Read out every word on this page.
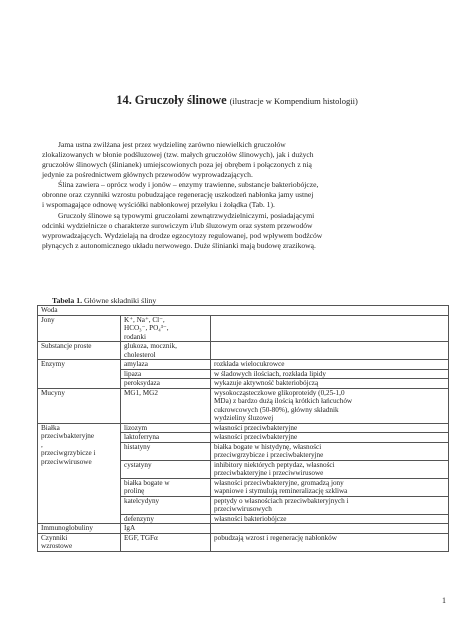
14. Gruczoły ślinowe (ilustracje w Kompendium histologii)

Jama ustna zwilżana jest przez wydzielinę zarówno niewielkich gruczołów
zlokalizowanych w błonie podśluzowej (tzw. małych gruczołów ślinowych), jak i dużych
gruczołów ślinowych (ślinianek) umiejscowionych poza jej obrębem i połączonych z nią
jedynie za pośrednictwem głównych przewodów wyprowadzających.

Ślina zawiera – oprócz wody i jonów – enzymy trawienne, substancje bakteriobójcze,
obronne oraz czynniki wzrostu pobudzające regenerację uszkodzeń nabłonka jamy ustnej
i wspomagające odnowę wyściółki nabłonkowej przełyku i żołądka (Tab. 1).

Gruczoły ślinowe są typowymi gruczołami zewnątrzwydzielniczymi, posiadającymi
odcinki wydzielnicze o charakterze surowiczym i/lub śluzowym oraz system przewodów
wyprowadzających. Wydzielają na drodze egzocytozy regulowanej, pod wpływem bodźców
płynących z autonomicznego układu nerwowego. Duże ślinianki mają budowę zrazikową.

Tabela 1. Główne składniki śliny
Woda		
Jony	K⁺, Na⁺, Cl⁻,
HCO₃⁻, PO₄³⁻,
rodanki	

Substancje proste	glukoza, mocznik,
cholesterol	

Enzymy	amylaza	rozkłada wielocukrowce
	lipaza	w śladowych ilościach, rozkłada lipidy
	peroksydaza	wykazuje aktywność bakteriobójczą
Mucyny	MG1, MG2	wysokocząsteczkowe glikoproteidy (0,25-1,0
MDa) z bardzo dużą ilością krótkich łańcuchów
cukrowcowych (50-80%), główny składnik
wydzieliny śluzowej

Białka
przeciwbakteryjne
,
przeciwgrzybicze i
przeciwwirusowe	lizozym	własności przeciwbakteryjne
	laktoferryna	własności przeciwbakteryjne
	histatyny	białka bogate w histydynę, własności
przeciwgrzybicze i przeciwbakteryjne

	cystatyny	inhibitory niektórych peptydaz, własności
przeciwbakteryjne i przeciwwirusowe

	białka bogate w
prolinę	własności przeciwbakteryjne, gromadzą jony
wapniowe i stymulują remineralizację szkliwa

	katelcydyny	peptydy o własnościach przeciwbakteryjnych i
przeciwwirusowych

	defenzyny	własności bakteriobójcze
Immunoglobuliny	IgA	

Czynniki
wzrostowe	EGF, TGFα	pobudzają wzrost i regenerację nabłonków
1
